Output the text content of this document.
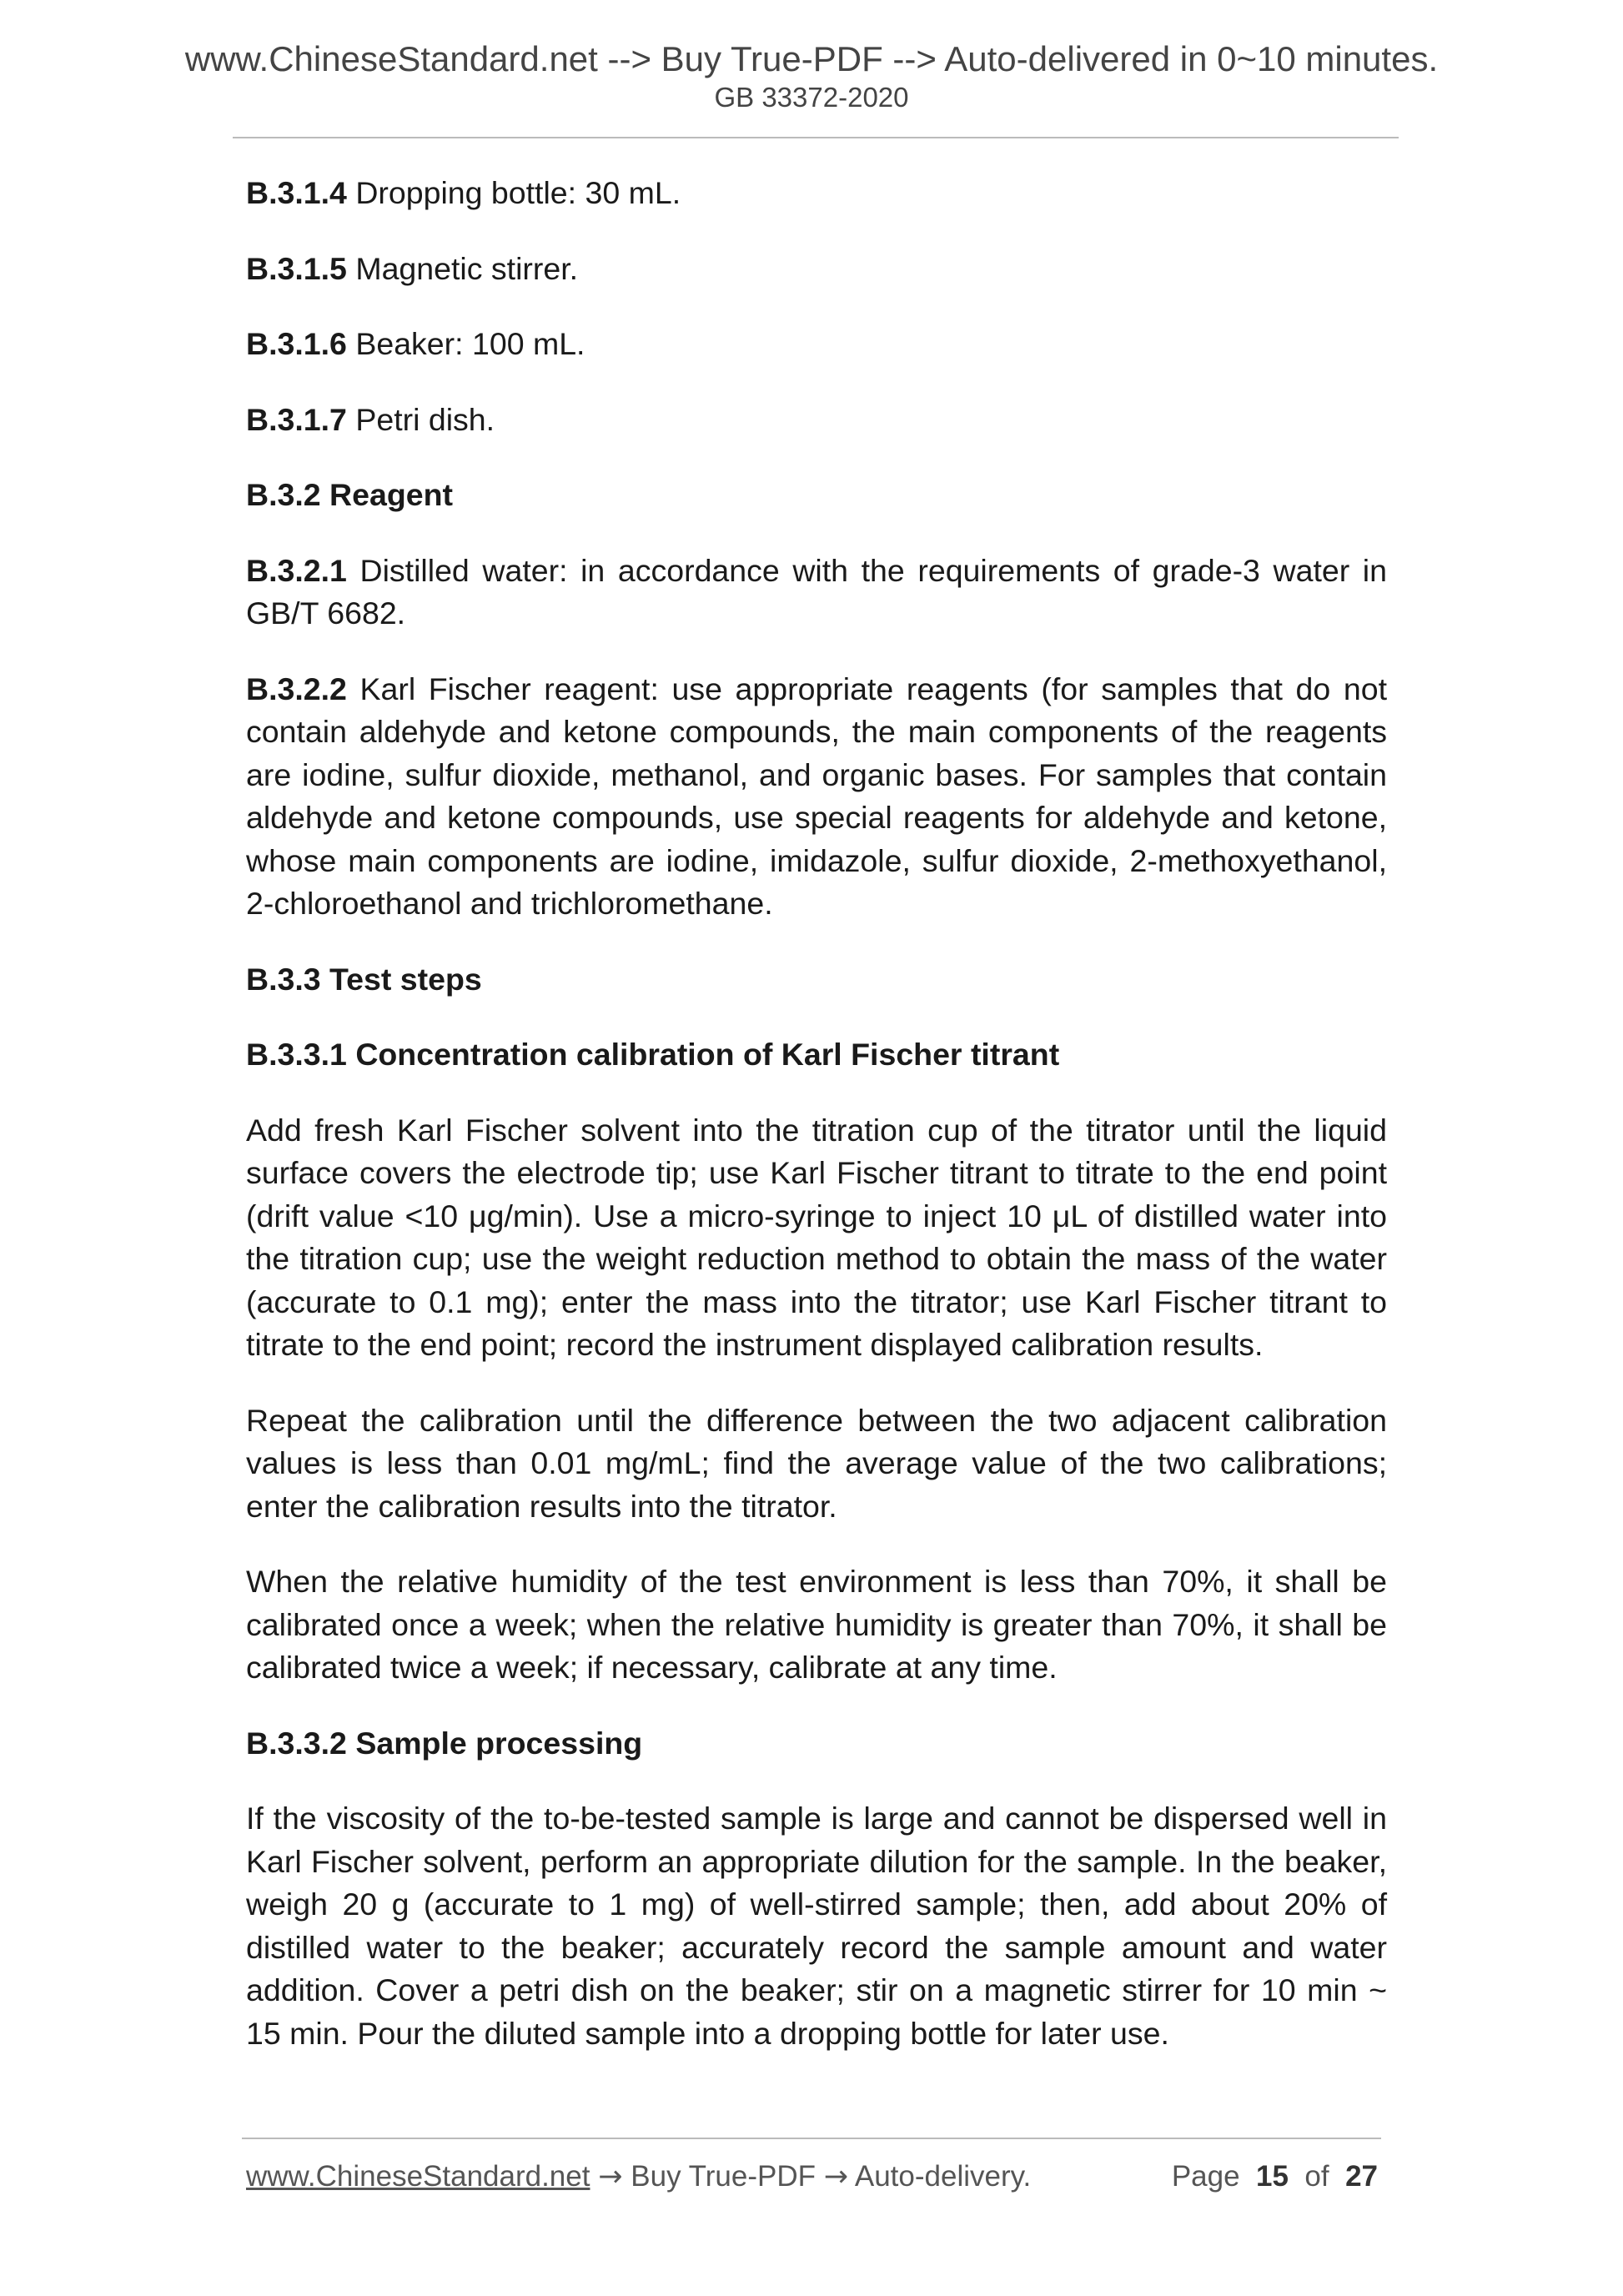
www.ChineseStandard.net --> Buy True-PDF --> Auto-delivered in 0~10 minutes.
GB 33372-2020

B.3.1.4 Dropping bottle: 30 mL.

B.3.1.5 Magnetic stirrer.

B.3.1.6 Beaker: 100 mL.

B.3.1.7 Petri dish.

B.3.2 Reagent

B.3.2.1 Distilled water: in accordance with the requirements of grade-3 water in GB/T 6682.

B.3.2.2 Karl Fischer reagent: use appropriate reagents (for samples that do not contain aldehyde and ketone compounds, the main components of the reagents are iodine, sulfur dioxide, methanol, and organic bases. For samples that contain aldehyde and ketone compounds, use special reagents for aldehyde and ketone, whose main components are iodine, imidazole, sulfur dioxide, 2-methoxyethanol, 2-chloroethanol and trichloromethane.

B.3.3 Test steps
B.3.3.1 Concentration calibration of Karl Fischer titrant

Add fresh Karl Fischer solvent into the titration cup of the titrator until the liquid surface covers the electrode tip; use Karl Fischer titrant to titrate to the end point (drift value <10 μg/min). Use a micro-syringe to inject 10 μL of distilled water into the titration cup; use the weight reduction method to obtain the mass of the water (accurate to 0.1 mg); enter the mass into the titrator; use Karl Fischer titrant to titrate to the end point; record the instrument displayed calibration results.

Repeat the calibration until the difference between the two adjacent calibration values is less than 0.01 mg/mL; find the average value of the two calibrations; enter the calibration results into the titrator.

When the relative humidity of the test environment is less than 70%, it shall be calibrated once a week; when the relative humidity is greater than 70%, it shall be calibrated twice a week; if necessary, calibrate at any time.

B.3.3.2 Sample processing

If the viscosity of the to-be-tested sample is large and cannot be dispersed well in Karl Fischer solvent, perform an appropriate dilution for the sample. In the beaker, weigh 20 g (accurate to 1 mg) of well-stirred sample; then, add about 20% of distilled water to the beaker; accurately record the sample amount and water addition. Cover a petri dish on the beaker; stir on a magnetic stirrer for 10 min ~ 15 min. Pour the diluted sample into a dropping bottle for later use.

www.ChineseStandard.net → Buy True-PDF → Auto-delivery.	Page 15 of 27
